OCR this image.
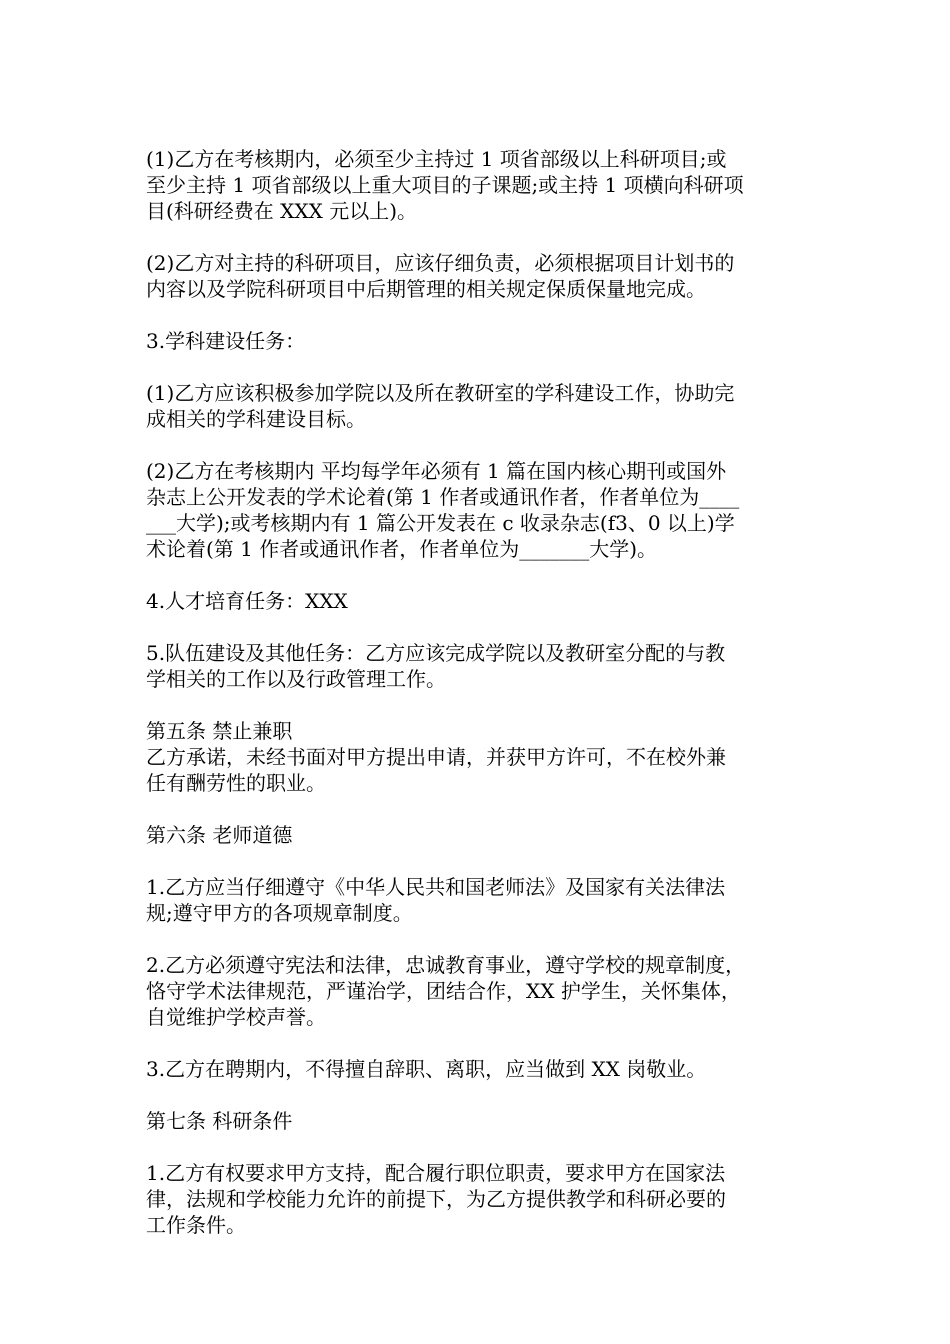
(1)乙方在考核期内，必须至少主持过 1 项省部级以上科研项目;或
至少主持 1 项省部级以上重大项目的子课题;或主持 1 项横向科研项
目(科研经费在 XXX 元以上)。
(2)乙方对主持的科研项目，应该仔细负责，必须根据项目计划书的
内容以及学院科研项目中后期管理的相关规定保质保量地完成。
3.学科建设任务：
(1)乙方应该积极参加学院以及所在教研室的学科建设工作，协助完
成相关的学科建设目标。
(2)乙方在考核期内 平均每学年必须有 1 篇在国内核心期刊或国外
杂志上公开发表的学术论着(第 1 作者或通讯作者，作者单位为____
___大学);或考核期内有 1 篇公开发表在 c 收录杂志(f3、0 以上)学
术论着(第 1 作者或通讯作者，作者单位为_______大学)。
4.人才培育任务：XXX
5.队伍建设及其他任务：乙方应该完成学院以及教研室分配的与教
学相关的工作以及行政管理工作。
第五条 禁止兼职
乙方承诺，未经书面对甲方提出申请，并获甲方许可，不在校外兼
任有酬劳性的职业。
第六条 老师道德
1.乙方应当仔细遵守《中华人民共和国老师法》及国家有关法律法
规;遵守甲方的各项规章制度。
2.乙方必须遵守宪法和法律，忠诚教育事业，遵守学校的规章制度，
恪守学术法律规范，严谨治学，团结合作，XX 护学生，关怀集体，
自觉维护学校声誉。
3.乙方在聘期内，不得擅自辞职、离职，应当做到 XX 岗敬业。
第七条 科研条件
1.乙方有权要求甲方支持，配合履行职位职责，要求甲方在国家法
律，法规和学校能力允许的前提下，为乙方提供教学和科研必要的
工作条件。
